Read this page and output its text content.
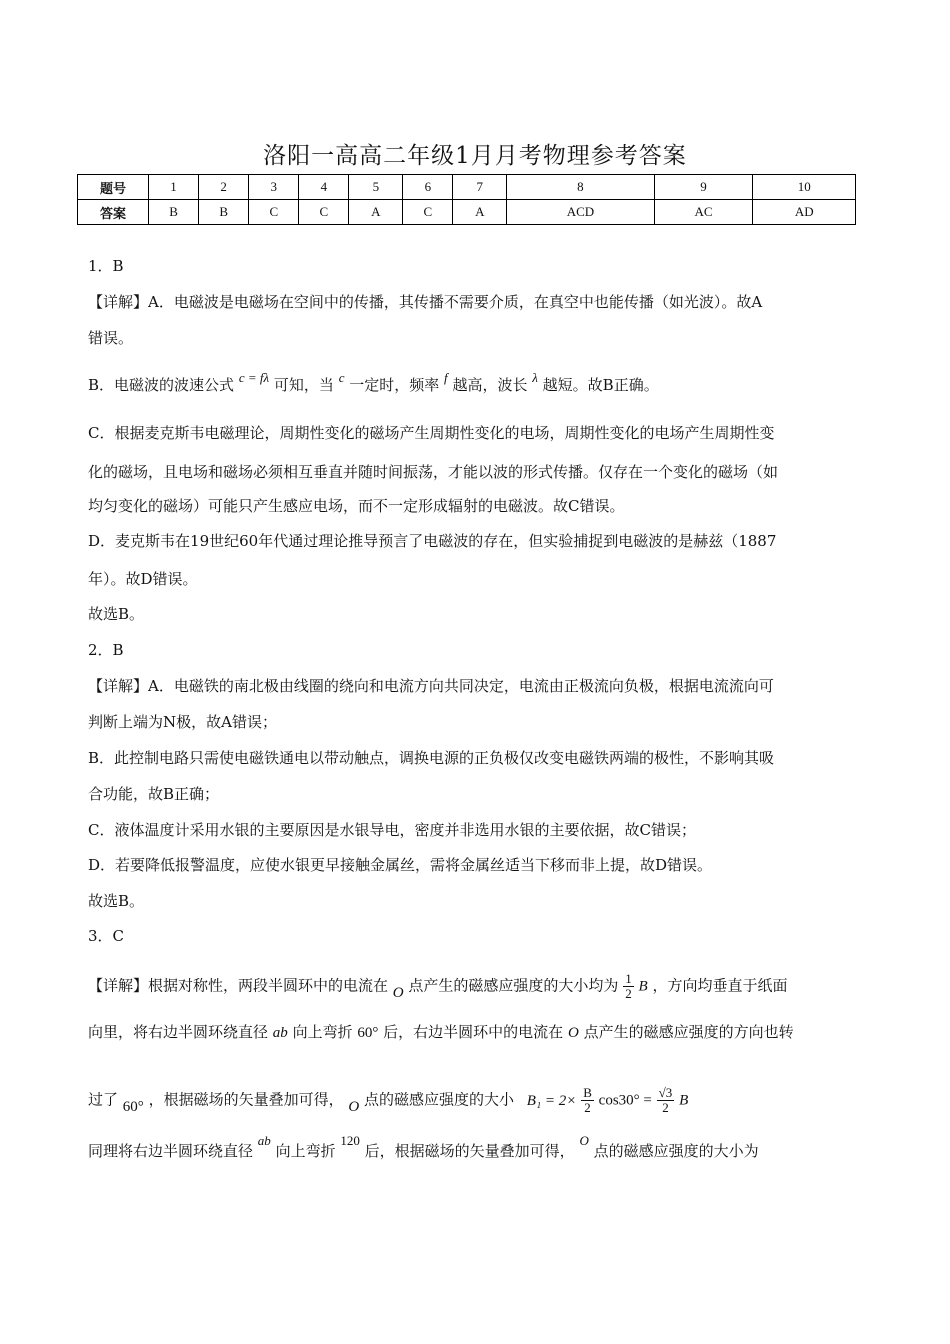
洛阳一高高二年级1月月考物理参考答案
题号	1	2	3	4	5	6	7	8	9	10
答案	B	B	C	C	A	C	A	ACD	AC	AD
1．B
【详解】A．电磁波是电磁场在空间中的传播，其传播不需要介质，在真空中也能传播（如光波）。故A
错误。
B．电磁波的波速公式 c = fλ 可知，当 c 一定时，频率 f 越高，波长 λ 越短。故B正确。
C．根据麦克斯韦电磁理论，周期性变化的磁场产生周期性变化的电场，周期性变化的电场产生周期性变
化的磁场，且电场和磁场必须相互垂直并随时间振荡，才能以波的形式传播。仅存在一个变化的磁场（如
均匀变化的磁场）可能只产生感应电场，而不一定形成辐射的电磁波。故C错误。
D．麦克斯韦在19世纪60年代通过理论推导预言了电磁波的存在，但实验捕捉到电磁波的是赫兹（1887
年）。故D错误。
故选B。
2．B
【详解】A．电磁铁的南北极由线圈的绕向和电流方向共同决定，电流由正极流向负极，根据电流流向可
判断上端为N极，故A错误；
B．此控制电路只需使电磁铁通电以带动触点，调换电源的正负极仅改变电磁铁两端的极性，不影响其吸
合功能，故B正确；
C．液体温度计采用水银的主要原因是水银导电，密度并非选用水银的主要依据，故C错误；
D．若要降低报警温度，应使水银更早接触金属丝，需将金属丝适当下移而非上提，故D错误。
故选B。
3．C
【详解】根据对称性，两段半圆环中的电流在 O 点产生的磁感应强度的大小均为 $\frac{1}{2}$ B ，方向均垂直于纸面
向里，将右边半圆环绕直径 ab 向上弯折 60° 后，右边半圆环中的电流在 O 点产生的磁感应强度的方向也转
过了 60° ，根据磁场的矢量叠加可得， O 点的磁感应强度的大小 $B_1 = 2\times \frac{B}{2} \cos 30^\circ = \frac{√3}{2}$ B
同理将右边半圆环绕直径 ab 向上弯折 120 后，根据磁场的矢量叠加可得， O 点的磁感应强度的大小为
